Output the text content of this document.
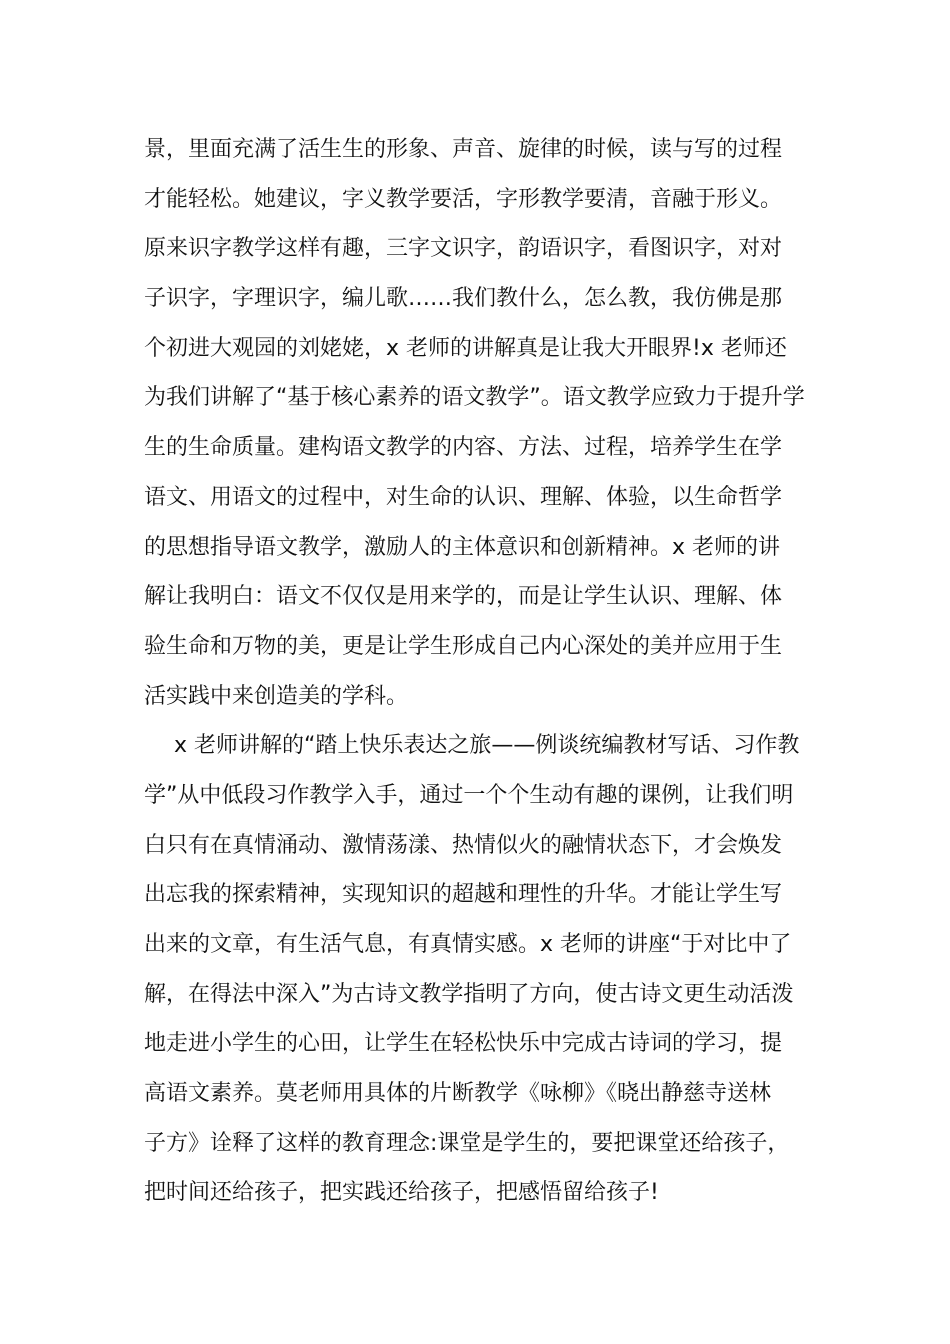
景，里面充满了活生生的形象、声音、旋律的时候，读与写的过程
才能轻松。她建议，字义教学要活，字形教学要清，音融于形义。
原来识字教学这样有趣，三字文识字，韵语识字，看图识字，对对
子识字，字理识字，编儿歌……我们教什么，怎么教，我仿佛是那
个初进大观园的刘姥姥，x 老师的讲解真是让我大开眼界!x 老师还
为我们讲解了“基于核心素养的语文教学”。语文教学应致力于提升学
生的生命质量。建构语文教学的内容、方法、过程，培养学生在学
语文、用语文的过程中，对生命的认识、理解、体验，以生命哲学
的思想指导语文教学，激励人的主体意识和创新精神。x 老师的讲
解让我明白：语文不仅仅是用来学的，而是让学生认识、理解、体
验生命和万物的美，更是让学生形成自己内心深处的美并应用于生
活实践中来创造美的学科。
x 老师讲解的“踏上快乐表达之旅——例谈统编教材写话、习作教
学”从中低段习作教学入手，通过一个个生动有趣的课例，让我们明
白只有在真情涌动、激情荡漾、热情似火的融情状态下，才会焕发
出忘我的探索精神，实现知识的超越和理性的升华。才能让学生写
出来的文章，有生活气息，有真情实感。x 老师的讲座“于对比中了
解，在得法中深入”为古诗文教学指明了方向，使古诗文更生动活泼
地走进小学生的心田，让学生在轻松快乐中完成古诗词的学习，提
高语文素养。莫老师用具体的片断教学《咏柳》《晓出静慈寺送林
子方》诠释了这样的教育理念:课堂是学生的，要把课堂还给孩子，
把时间还给孩子，把实践还给孩子，把感悟留给孩子!
